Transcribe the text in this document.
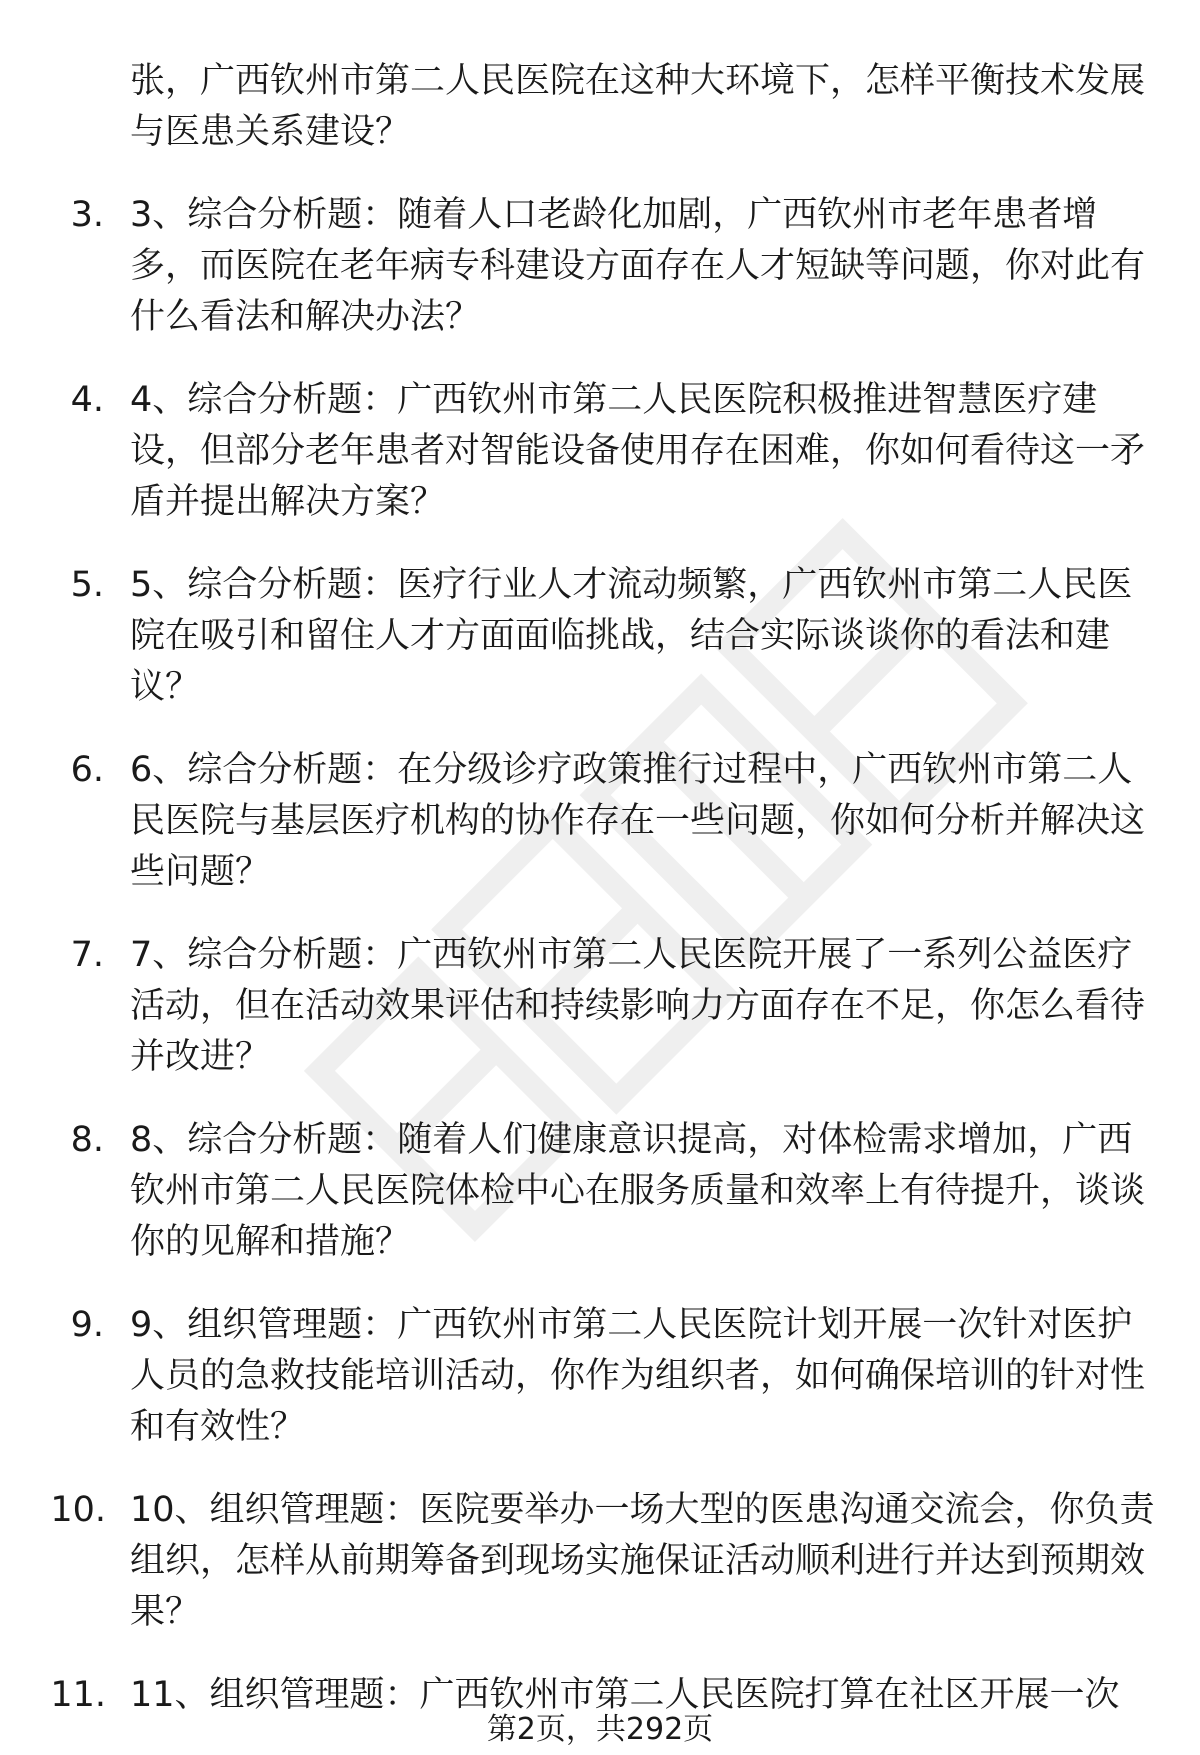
张，广西钦州市第二人民医院在这种大环境下，怎样平衡技术发展与医患关系建设？
3. 3、综合分析题：随着人口老龄化加剧，广西钦州市老年患者增多，而医院在老年病专科建设方面存在人才短缺等问题，你对此有什么看法和解决办法？
4. 4、综合分析题：广西钦州市第二人民医院积极推进智慧医疗建设，但部分老年患者对智能设备使用存在困难，你如何看待这一矛盾并提出解决方案？
5. 5、综合分析题：医疗行业人才流动频繁，广西钦州市第二人民医院在吸引和留住人才方面面临挑战，结合实际谈谈你的看法和建议？
6. 6、综合分析题：在分级诊疗政策推行过程中，广西钦州市第二人民医院与基层医疗机构的协作存在一些问题，你如何分析并解决这些问题？
7. 7、综合分析题：广西钦州市第二人民医院开展了一系列公益医疗活动，但在活动效果评估和持续影响力方面存在不足，你怎么看待并改进？
8. 8、综合分析题：随着人们健康意识提高，对体检需求增加，广西钦州市第二人民医院体检中心在服务质量和效率上有待提升，谈谈你的见解和措施？
9. 9、组织管理题：广西钦州市第二人民医院计划开展一次针对医护人员的急救技能培训活动，你作为组织者，如何确保培训的针对性和有效性？
10. 10、组织管理题：医院要举办一场大型的医患沟通交流会，你负责组织，怎样从前期筹备到现场实施保证活动顺利进行并达到预期效果？
11. 11、组织管理题：广西钦州市第二人民医院打算在社区开展一次
第2页，共292页
